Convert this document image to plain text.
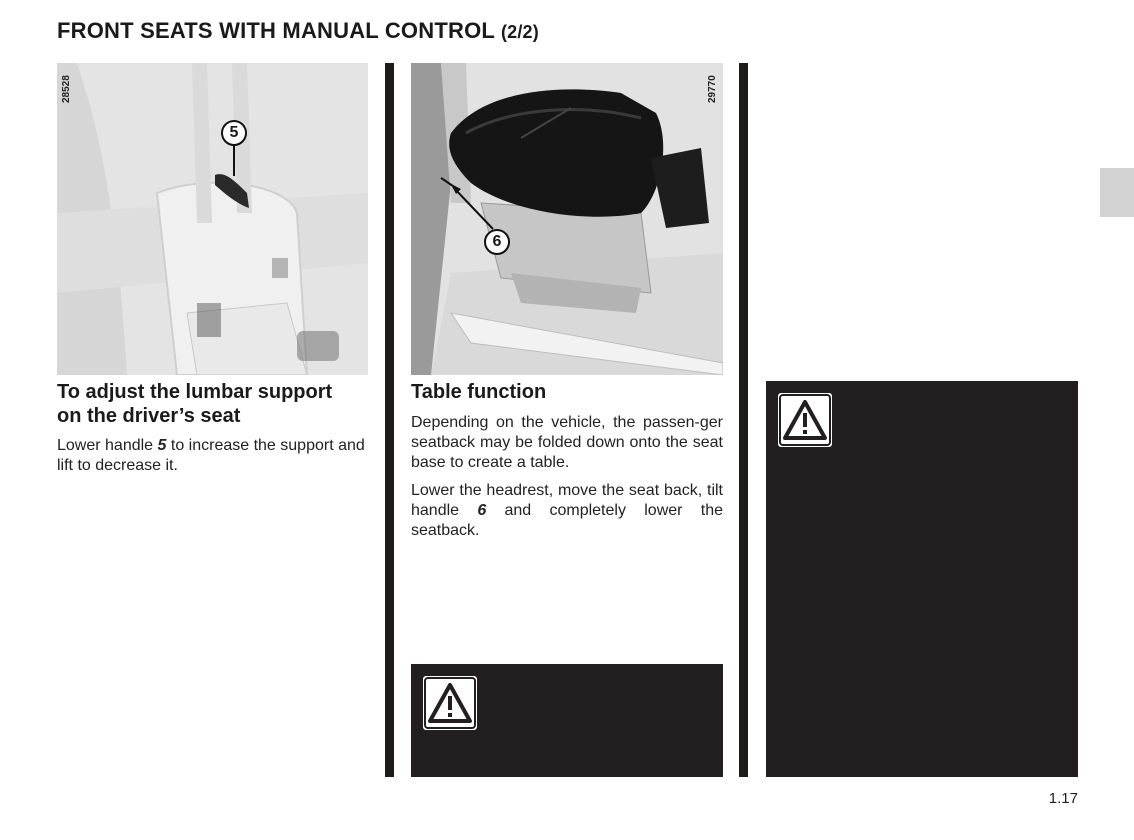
FRONT SEATS WITH MANUAL CONTROL (2/2)
5
28528
To adjust the lumbar support
on the driver’s seat

Lower handle 5 to increase the support and lift to decrease it.

6
29770
Table function

Depending on the vehicle, the passen-ger seatback may be folded down onto the seat base to create a table.

Lower the headrest, move the seat back, tilt handle 6 and completely lower the seatback.

1.17
